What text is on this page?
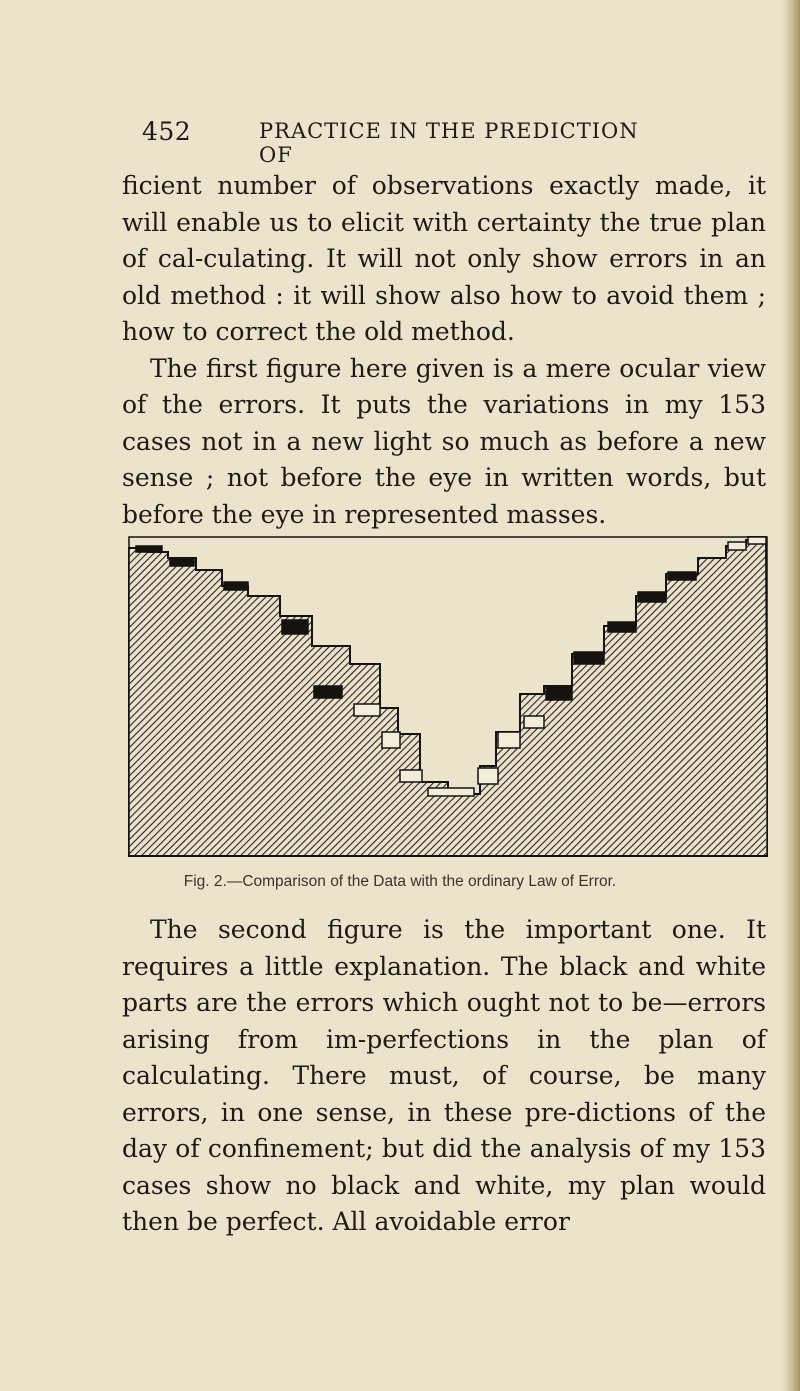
452	PRACTICE IN THE PREDICTION OF

ficient number of observations exactly made, it will enable us to elicit with certainty the true plan of cal-culating. It will not only show errors in an old method : it will show also how to avoid them ; how to correct the old method.
The first figure here given is a mere ocular view of the errors. It puts the variations in my 153 cases not in a new light so much as before a new sense ; not before the eye in written words, but before the eye in represented masses.

Fig. 2.—Comparison of the Data with the ordinary Law of Error.

The second figure is the important one. It requires a little explanation. The black and white parts are the errors which ought not to be—errors arising from im-perfections in the plan of calculating. There must, of course, be many errors, in one sense, in these pre-dictions of the day of confinement; but did the analysis of my 153 cases show no black and white, my plan would then be perfect. All avoidable error
